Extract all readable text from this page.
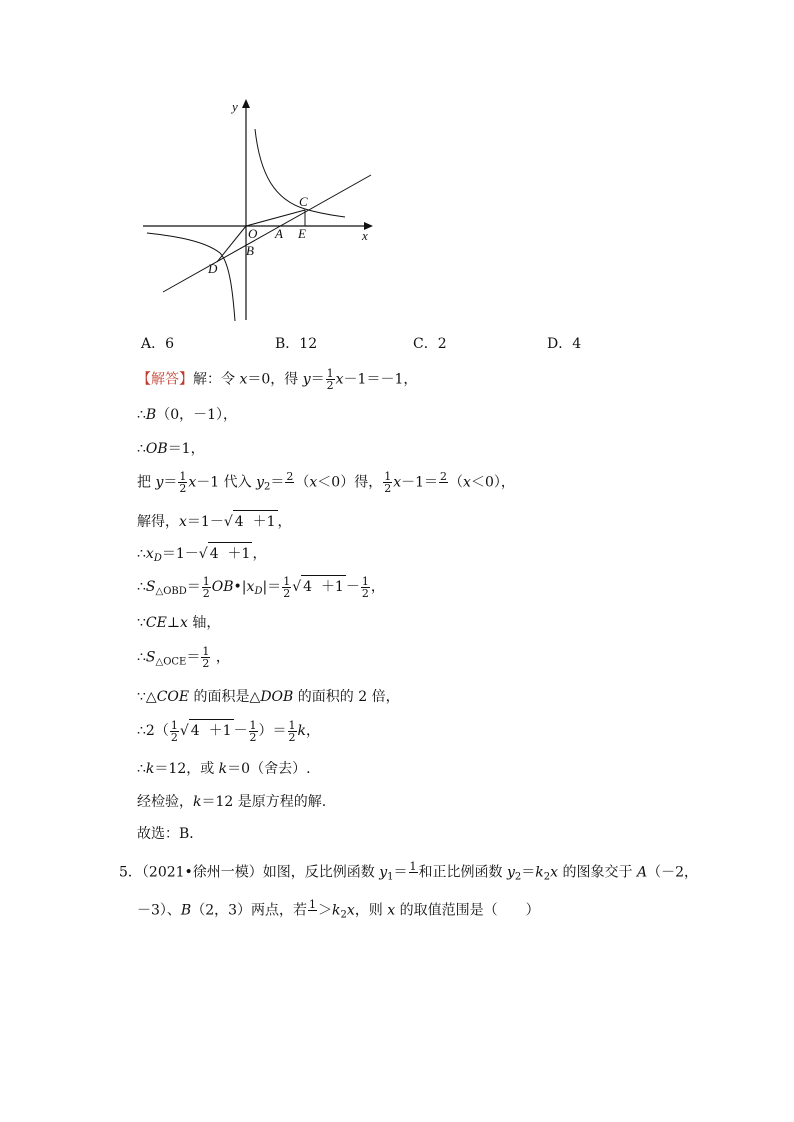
y
x
O A
B
C
D
E
A．6	B．12	C．2	D．4
【解答】解：令 x＝0，得 $y= \frac{1}{2} x-1=-1$，
∴B（0，－1），
∴OB＝1，
把 $y= \frac{1}{2} x-1$ 代入 $y_2= 2$
（x＜0）得， $\frac{1}{2} x-1= 2$
（x＜0），
解得，x＝1－√ 4 ＋1 ，
$\therefore x_D=1-√$ 4 ＋1 ，
$\therefore S_{\triangle OBD}= \frac{1}{2}$ $OB•|x_D|= \frac{1}{2}$ √ $4 +1 - \frac{1}{2}$ ，
∵CE⊥x 轴，
$\therefore S_{\triangle OCE}= \frac{1}{2}$ ，
∵△COE 的面积是△DOB 的面积的 2 倍，
∴2（ $\frac{1}{2}$ √ $4 +1 - \frac{1}{2}$ ）＝ $\frac{1}{2}$ k，
∴k＝12，或 k＝0（舍去）.
经检验，k＝12 是原方程的解.
故选：B．
5．（2021•徐州一模）如图，反比例函数 $y_1= 1$
和正比例函数 $y_2=k_2x$ 的图象交于 A（－2，
－3）、B（2，3）两点，若 1
$>k_2x$，则 x 的取值范围是（　　）
